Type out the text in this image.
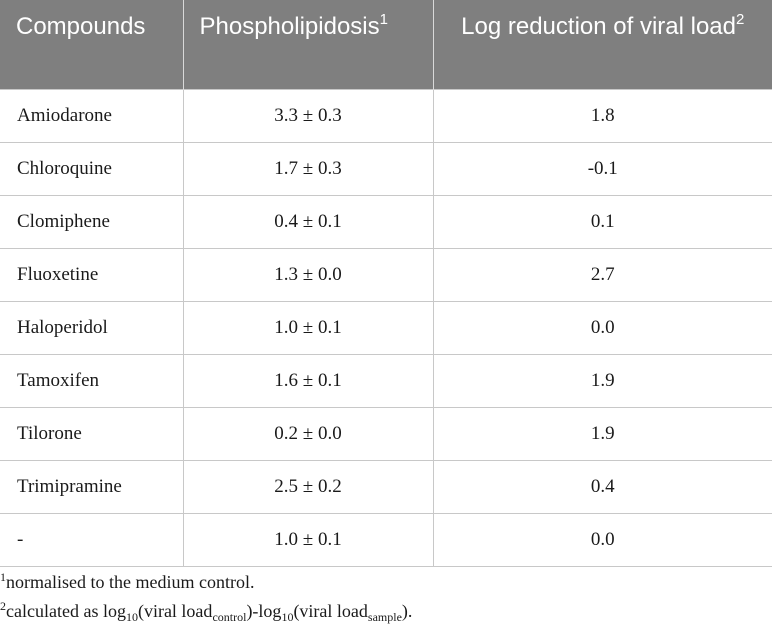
Compounds	Phospholipidosis$^1$	Log reduction of viral load$^2$
Amiodarone	3.3 ± 0.3	1.8
Chloroquine	1.7 ± 0.3	-0.1
Clomiphene	0.4 ± 0.1	0.1
Fluoxetine	1.3 ± 0.0	2.7
Haloperidol	1.0 ± 0.1	0.0
Tamoxifen	1.6 ± 0.1	1.9
Tilorone	0.2 ± 0.0	1.9
Trimipramine	2.5 ± 0.2	0.4
-	1.0 ± 0.1	0.0
$^1$normalised to the medium control.
$^2$calculated as $\log_{10}(viral$ $load_{control})-\log_{10}(viral$ load$_{sample}$).
